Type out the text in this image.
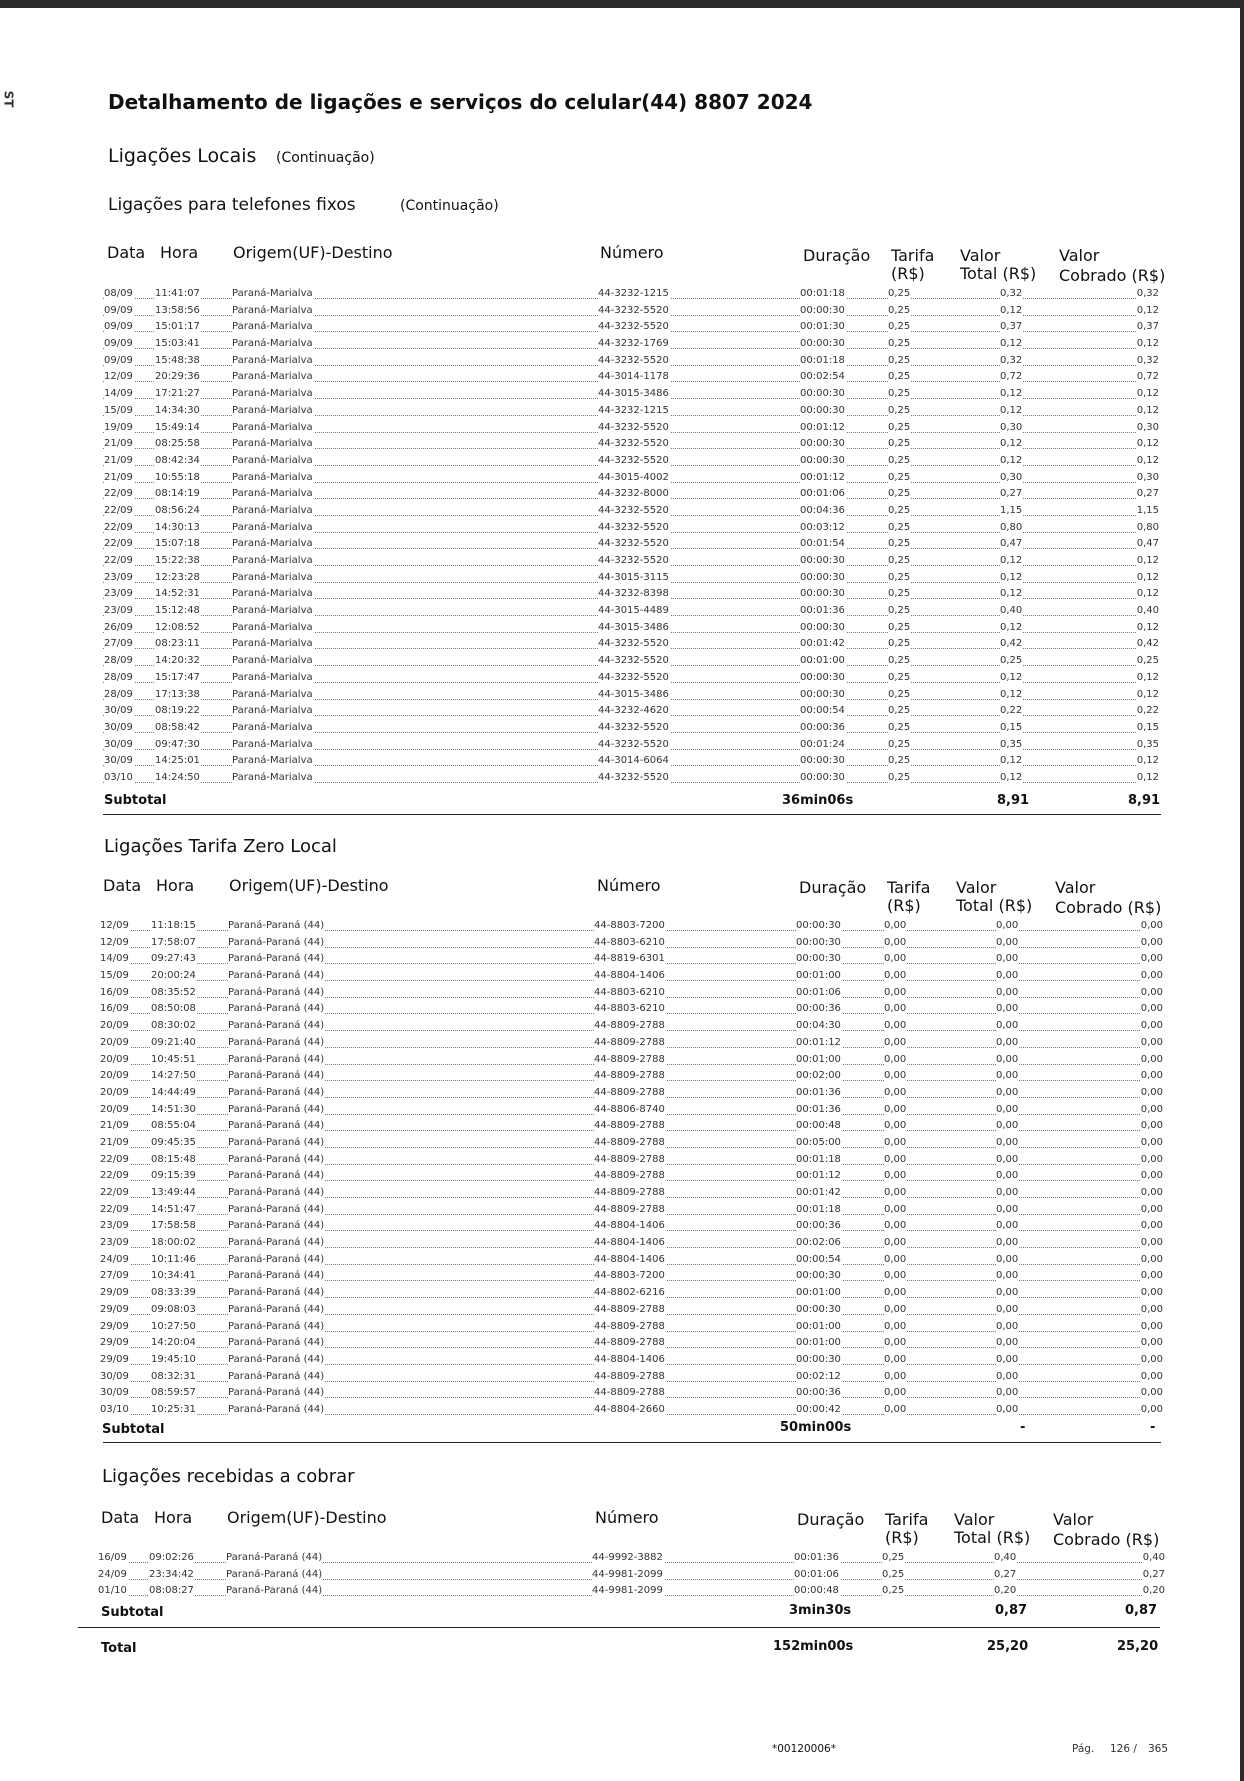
ST	Detalhamento de ligações e serviços do celular(44) 8807 2024
Ligações Locais (Continuação)
Ligações para telefones fixos	(Continuação)
Data Hora Origem(UF)-Destino	Número	Duração Tarifa
(R$)
Valor
Total (R$)
Valor
Cobrado (R$)
08/09 11:41:07	Paraná-Marialva	44-3232-1215	00:01:18	0,25	0,32	0,32
09/09 13:58:56	Paraná-Marialva	44-3232-5520	00:00:30	0,25	0,12	0,12
09/09 15:01:17	Paraná-Marialva	44-3232-5520	00:01:30	0,25	0,37	0,37
09/09 15:03:41	Paraná-Marialva	44-3232-1769	00:00:30	0,25	0,12	0,12
09/09 15:48:38	Paraná-Marialva	44-3232-5520	00:01:18	0,25	0,32	0,32
12/09 20:29:36	Paraná-Marialva	44-3014-1178	00:02:54	0,25	0,72	0,72
14/09 17:21:27	Paraná-Marialva	44-3015-3486	00:00:30	0,25	0,12	0,12
15/09 14:34:30	Paraná-Marialva	44-3232-1215	00:00:30	0,25	0,12	0,12
19/09 15:49:14	Paraná-Marialva	44-3232-5520	00:01:12	0,25	0,30	0,30
21/09 08:25:58	Paraná-Marialva	44-3232-5520	00:00:30	0,25	0,12	0,12
21/09 08:42:34	Paraná-Marialva	44-3232-5520	00:00:30	0,25	0,12	0,12
21/09 10:55:18	Paraná-Marialva	44-3015-4002	00:01:12	0,25	0,30	0,30
22/09 08:14:19	Paraná-Marialva	44-3232-8000	00:01:06	0,25	0,27	0,27
22/09 08:56:24	Paraná-Marialva	44-3232-5520	00:04:36	0,25	1,15	1,15
22/09 14:30:13	Paraná-Marialva	44-3232-5520	00:03:12	0,25	0,80	0,80
22/09 15:07:18	Paraná-Marialva	44-3232-5520	00:01:54	0,25	0,47	0,47
22/09 15:22:38	Paraná-Marialva	44-3232-5520	00:00:30	0,25	0,12	0,12
23/09 12:23:28	Paraná-Marialva	44-3015-3115	00:00:30	0,25	0,12	0,12
23/09 14:52:31	Paraná-Marialva	44-3232-8398	00:00:30	0,25	0,12	0,12
23/09 15:12:48	Paraná-Marialva	44-3015-4489	00:01:36	0,25	0,40	0,40
26/09 12:08:52	Paraná-Marialva	44-3015-3486	00:00:30	0,25	0,12	0,12
27/09 08:23:11	Paraná-Marialva	44-3232-5520	00:01:42	0,25	0,42	0,42
28/09 14:20:32	Paraná-Marialva	44-3232-5520	00:01:00	0,25	0,25	0,25
28/09 15:17:47	Paraná-Marialva	44-3232-5520	00:00:30	0,25	0,12	0,12
28/09 17:13:38	Paraná-Marialva	44-3015-3486	00:00:30	0,25	0,12	0,12
30/09 08:19:22	Paraná-Marialva	44-3232-4620	00:00:54	0,25	0,22	0,22
30/09 08:58:42	Paraná-Marialva	44-3232-5520	00:00:36	0,25	0,15	0,15
30/09 09:47:30	Paraná-Marialva	44-3232-5520	00:01:24	0,25	0,35	0,35
30/09 14:25:01	Paraná-Marialva	44-3014-6064	00:00:30	0,25	0,12	0,12
03/10 14:24:50	Paraná-Marialva	44-3232-5520	00:00:30	0,25	0,12	0,12
Subtotal	36min06s	8,91	8,91
Ligações Tarifa Zero Local
Data Hora Origem(UF)-Destino	Número	Duração Tarifa
(R$)
Valor
Total (R$)
Valor
Cobrado (R$)
12/09 11:18:15	Paraná-Paraná (44)	44-8803-7200	00:00:30	0,00	0,00	0,00
12/09 17:58:07	Paraná-Paraná (44)	44-8803-6210	00:00:30	0,00	0,00	0,00
14/09 09:27:43	Paraná-Paraná (44)	44-8819-6301	00:00:30	0,00	0,00	0,00
15/09 20:00:24	Paraná-Paraná (44)	44-8804-1406	00:01:00	0,00	0,00	0,00
16/09 08:35:52	Paraná-Paraná (44)	44-8803-6210	00:01:06	0,00	0,00	0,00
16/09 08:50:08	Paraná-Paraná (44)	44-8803-6210	00:00:36	0,00	0,00	0,00
20/09 08:30:02	Paraná-Paraná (44)	44-8809-2788	00:04:30	0,00	0,00	0,00
20/09 09:21:40	Paraná-Paraná (44)	44-8809-2788	00:01:12	0,00	0,00	0,00
20/09 10:45:51	Paraná-Paraná (44)	44-8809-2788	00:01:00	0,00	0,00	0,00
20/09 14:27:50	Paraná-Paraná (44)	44-8809-2788	00:02:00	0,00	0,00	0,00
20/09 14:44:49	Paraná-Paraná (44)	44-8809-2788	00:01:36	0,00	0,00	0,00
20/09 14:51:30	Paraná-Paraná (44)	44-8806-8740	00:01:36	0,00	0,00	0,00
21/09 08:55:04	Paraná-Paraná (44)	44-8809-2788	00:00:48	0,00	0,00	0,00
21/09 09:45:35	Paraná-Paraná (44)	44-8809-2788	00:05:00	0,00	0,00	0,00
22/09 08:15:48	Paraná-Paraná (44)	44-8809-2788	00:01:18	0,00	0,00	0,00
22/09 09:15:39	Paraná-Paraná (44)	44-8809-2788	00:01:12	0,00	0,00	0,00
22/09 13:49:44	Paraná-Paraná (44)	44-8809-2788	00:01:42	0,00	0,00	0,00
22/09 14:51:47	Paraná-Paraná (44)	44-8809-2788	00:01:18	0,00	0,00	0,00
23/09 17:58:58	Paraná-Paraná (44)	44-8804-1406	00:00:36	0,00	0,00	0,00
23/09 18:00:02	Paraná-Paraná (44)	44-8804-1406	00:02:06	0,00	0,00	0,00
24/09 10:11:46	Paraná-Paraná (44)	44-8804-1406	00:00:54	0,00	0,00	0,00
27/09 10:34:41	Paraná-Paraná (44)	44-8803-7200	00:00:30	0,00	0,00	0,00
29/09 08:33:39	Paraná-Paraná (44)	44-8802-6216	00:01:00	0,00	0,00	0,00
29/09 09:08:03	Paraná-Paraná (44)	44-8809-2788	00:00:30	0,00	0,00	0,00
29/09 10:27:50	Paraná-Paraná (44)	44-8809-2788	00:01:00	0,00	0,00	0,00
29/09 14:20:04	Paraná-Paraná (44)	44-8809-2788	00:01:00	0,00	0,00	0,00
29/09 19:45:10	Paraná-Paraná (44)	44-8804-1406	00:00:30	0,00	0,00	0,00
30/09 08:32:31	Paraná-Paraná (44)	44-8809-2788	00:02:12	0,00	0,00	0,00
30/09 08:59:57	Paraná-Paraná (44)	44-8809-2788	00:00:36	0,00	0,00	0,00
03/10 10:25:31	Paraná-Paraná (44)	44-8804-2660	00:00:42	0,00	0,00	0,00
Subtotal	50min00s	-	-
Ligações recebidas a cobrar
Data Hora Origem(UF)-Destino	Número	Duração Tarifa
(R$)
Valor
Total (R$)
Valor
Cobrado (R$)
16/09 09:02:26	Paraná-Paraná (44)	44-9992-3882	00:01:36	0,25	0,40	0,40
24/09 23:34:42	Paraná-Paraná (44)	44-9981-2099	00:01:06	0,25	0,27	0,27
01/10 08:08:27	Paraná-Paraná (44)	44-9981-2099	00:00:48	0,25	0,20	0,20
Subtotal	3min30s	0,87	0,87
Total	152min00s	25,20	25,20
*00120006*	Pág. 126 / 365
